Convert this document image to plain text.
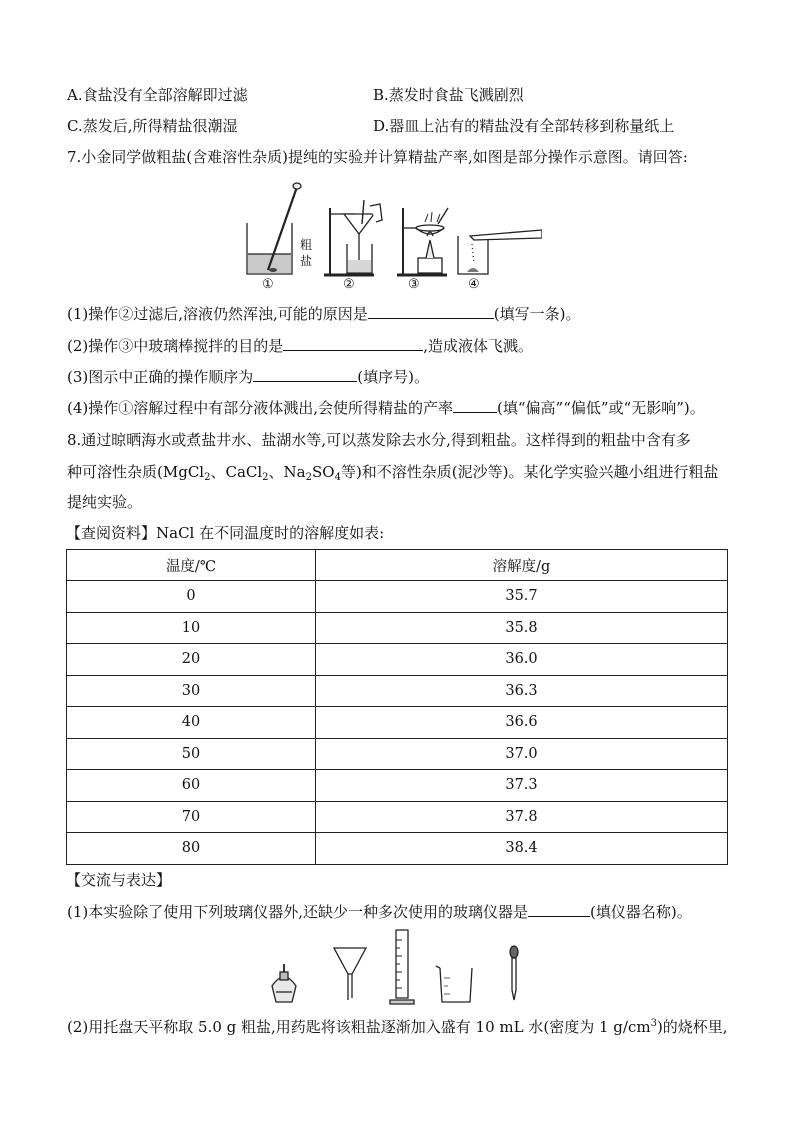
A.食盐没有全部溶解即过滤	B.蒸发时食盐飞溅剧烈
C.蒸发后,所得精盐很潮湿	D.器皿上沾有的精盐没有全部转移到称量纸上
7.小金同学做粗盐(含难溶性杂质)提纯的实验并计算精盐产率,如图是部分操作示意图。请回答:
粗
盐
①	②	③	④
(1)操作②过滤后,溶液仍然浑浊,可能的原因是	(填写一条)。
(2)操作③中玻璃棒搅拌的目的是	,造成液体飞溅。
(3)图示中正确的操作顺序为	(填序号)。
(4)操作①溶解过程中有部分液体溅出,会使所得精盐的产率	(填“偏高”“偏低”或“无影响”)。
8.通过晾晒海水或煮盐井水、盐湖水等,可以蒸发除去水分,得到粗盐。这样得到的粗盐中含有多
种可溶性杂质(MgCl$_2$、CaCl$_2$、$Na_2SO_4$等)和不溶性杂质(泥沙等)。某化学实验兴趣小组进行粗盐
提纯实验。
【查阅资料】NaCl 在不同温度时的溶解度如表:
温度/℃	溶解度/g
0	35.7
10	35.8
20	36.0
30	36.3
40	36.6
50	37.0
60	37.3
70	37.8
80	38.4
【交流与表达】
(1)本实验除了使用下列玻璃仪器外,还缺少一种多次使用的玻璃仪器是	(填仪器名称)。
(2)用托盘天平称取 5.0 g 粗盐,用药匙将该粗盐逐渐加入盛有 10 mL 水(密度为 1 $g/cm^3$)的烧杯里,
